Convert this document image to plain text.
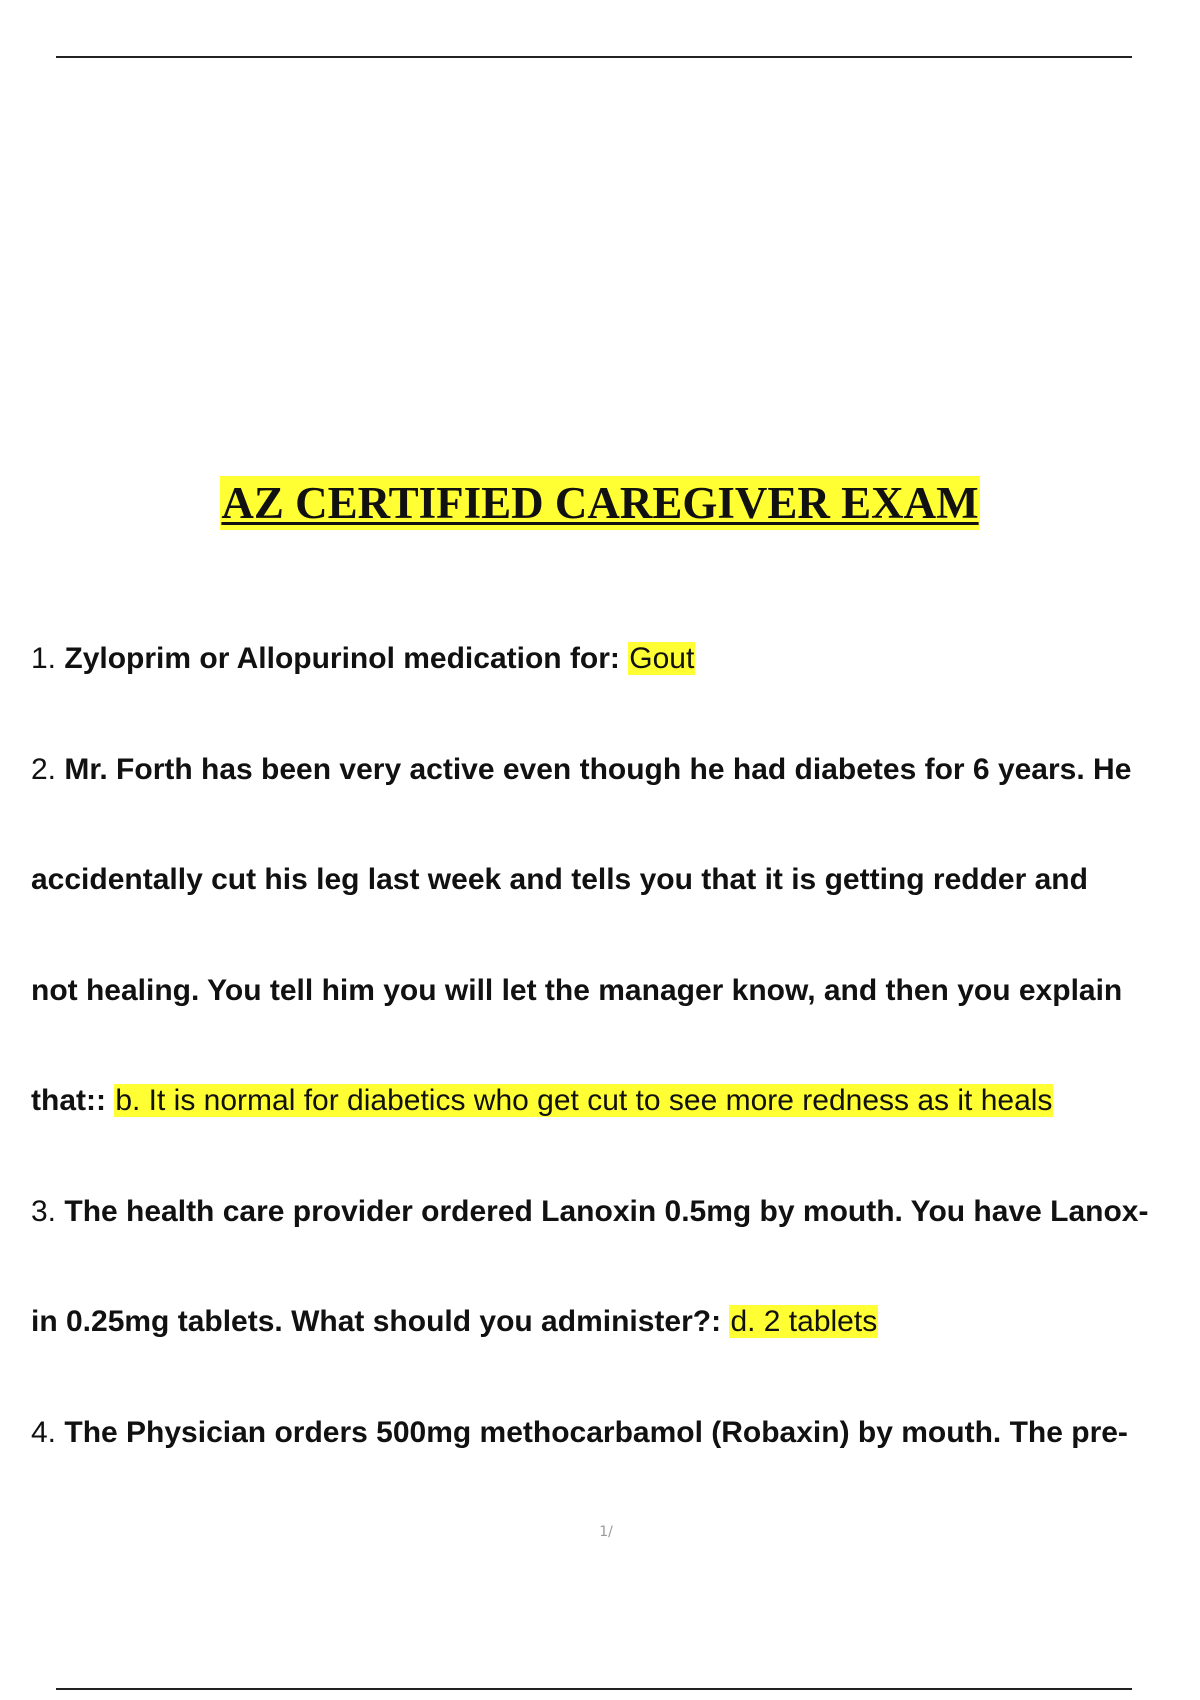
AZ CERTIFIED CAREGIVER EXAM
1. Zyloprim or Allopurinol medication for: Gout
2. Mr. Forth has been very active even though he had diabetes for 6 years. He
accidentally cut his leg last week and tells you that it is getting redder and
not healing. You tell him you will let the manager know, and then you explain
that:: b. It is normal for diabetics who get cut to see more redness as it heals
3. The health care provider ordered Lanoxin 0.5mg by mouth. You have Lanox-
in 0.25mg tablets. What should you administer?: d. 2 tablets
4. The Physician orders 500mg methocarbamol (Robaxin) by mouth. The pre-
1/
